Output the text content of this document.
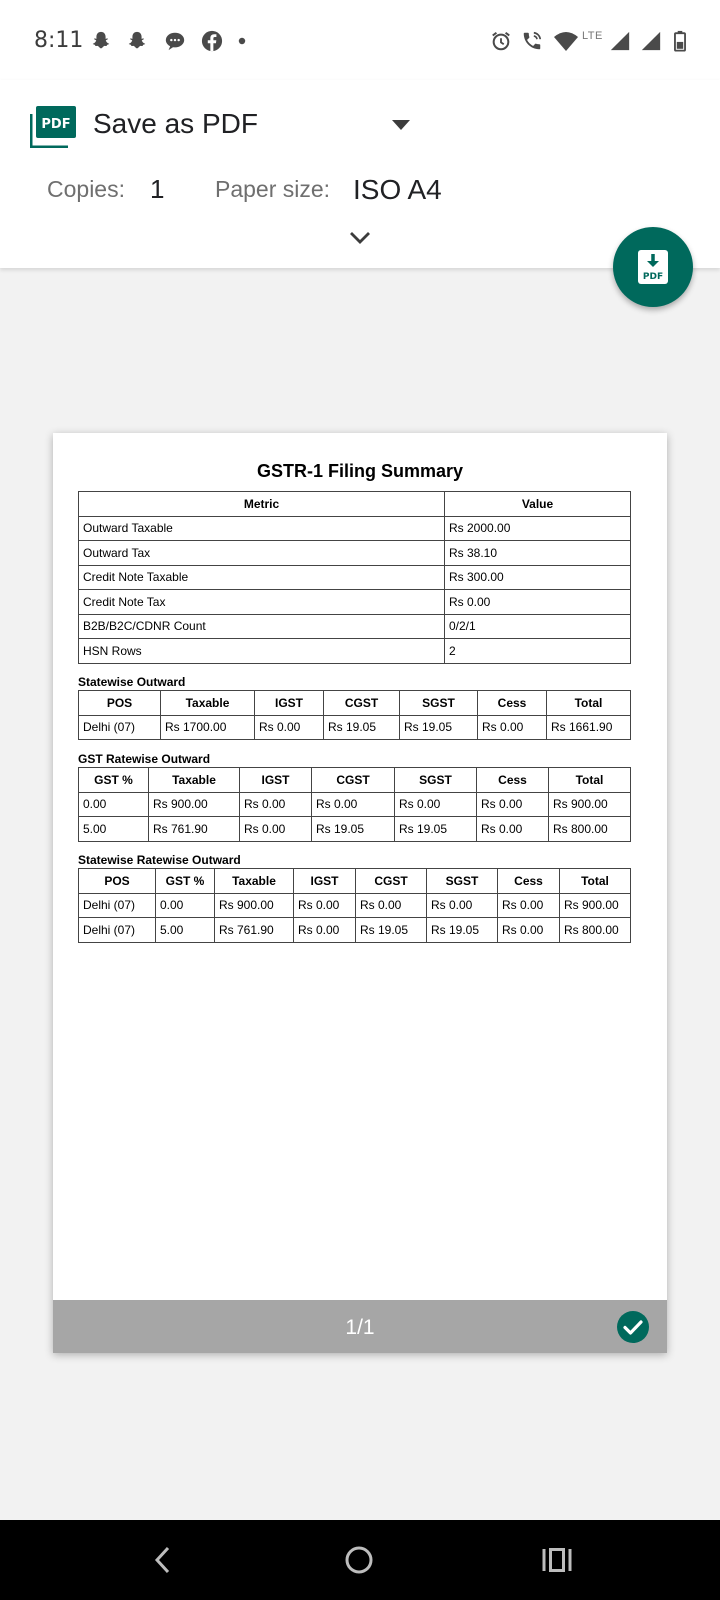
8:11	LTE
PDF Save as PDF
Copies: 1 Paper size: ISO A4
PDF
GSTR-1 Filing Summary
Metric	Value
Outward Taxable	Rs 2000.00
Outward Tax	Rs 38.10
Credit Note Taxable	Rs 300.00
Credit Note Tax	Rs 0.00
B2B/B2C/CDNR Count	0/2/1
HSN Rows	2
Statewise Outward
POS	Taxable	IGST	CGST	SGST	Cess	Total
Delhi (07)	Rs 1700.00	Rs 0.00	Rs 19.05	Rs 19.05	Rs 0.00	Rs 1661.90
GST Ratewise Outward
GST %	Taxable	IGST	CGST	SGST	Cess	Total
0.00	Rs 900.00	Rs 0.00	Rs 0.00	Rs 0.00	Rs 0.00	Rs 900.00
5.00	Rs 761.90	Rs 0.00	Rs 19.05	Rs 19.05	Rs 0.00	Rs 800.00
Statewise Ratewise Outward
POS	GST %	Taxable	IGST	CGST	SGST	Cess	Total
Delhi (07)	0.00	Rs 900.00	Rs 0.00	Rs 0.00	Rs 0.00	Rs 0.00	Rs 900.00
Delhi (07)	5.00	Rs 761.90	Rs 0.00	Rs 19.05	Rs 19.05	Rs 0.00	Rs 800.00
1/1
